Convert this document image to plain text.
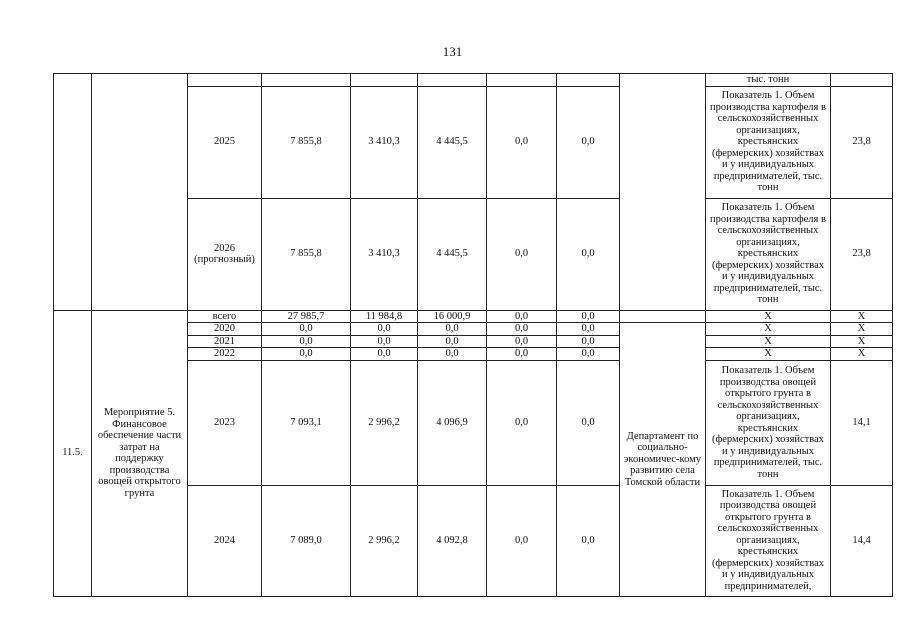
131
									тыс. тонн	
		2025	7 855,8	3 410,3	4 445,5	0,0	0,0		Показатель 1. Объем производства картофеля в сельскохозяйственных организациях, крестьянских (фермерских) хозяйствах и у индивидуальных предпринимателей, тыс. тонн	23,8
		2026 (прогнозный)	7 855,8	3 410,3	4 445,5	0,0	0,0		Показатель 1. Объем производства картофеля в сельскохозяйственных организациях, крестьянских (фермерских) хозяйствах и у индивидуальных предпринимателей, тыс. тонн	23,8
11.5.	Мероприятие 5. Финансовое обеспечение части затрат на поддержку производства овощей открытого грунта	всего	27 985,7	11 984,8	16 000,9	0,0	0,0		Х	Х
		2020	0,0	0,0	0,0	0,0	0,0	Департамент по социально-экономичес-кому развитию села Томской области	Х	Х
		2021	0,0	0,0	0,0	0,0	0,0		Х	Х
		2022	0,0	0,0	0,0	0,0	0,0		Х	Х
		2023	7 093,1	2 996,2	4 096,9	0,0	0,0		Показатель 1. Объем производства овощей открытого грунта в сельскохозяйственных организациях, крестьянских (фермерских) хозяйствах и у индивидуальных предпринимателей, тыс. тонн	14,1
		2024	7 089,0	2 996,2	4 092,8	0,0	0,0		Показатель 1. Объем производства овощей открытого грунта в сельскохозяйственных организациях, крестьянских (фермерских) хозяйствах и у индивидуальных предпринимателей,	14,4
